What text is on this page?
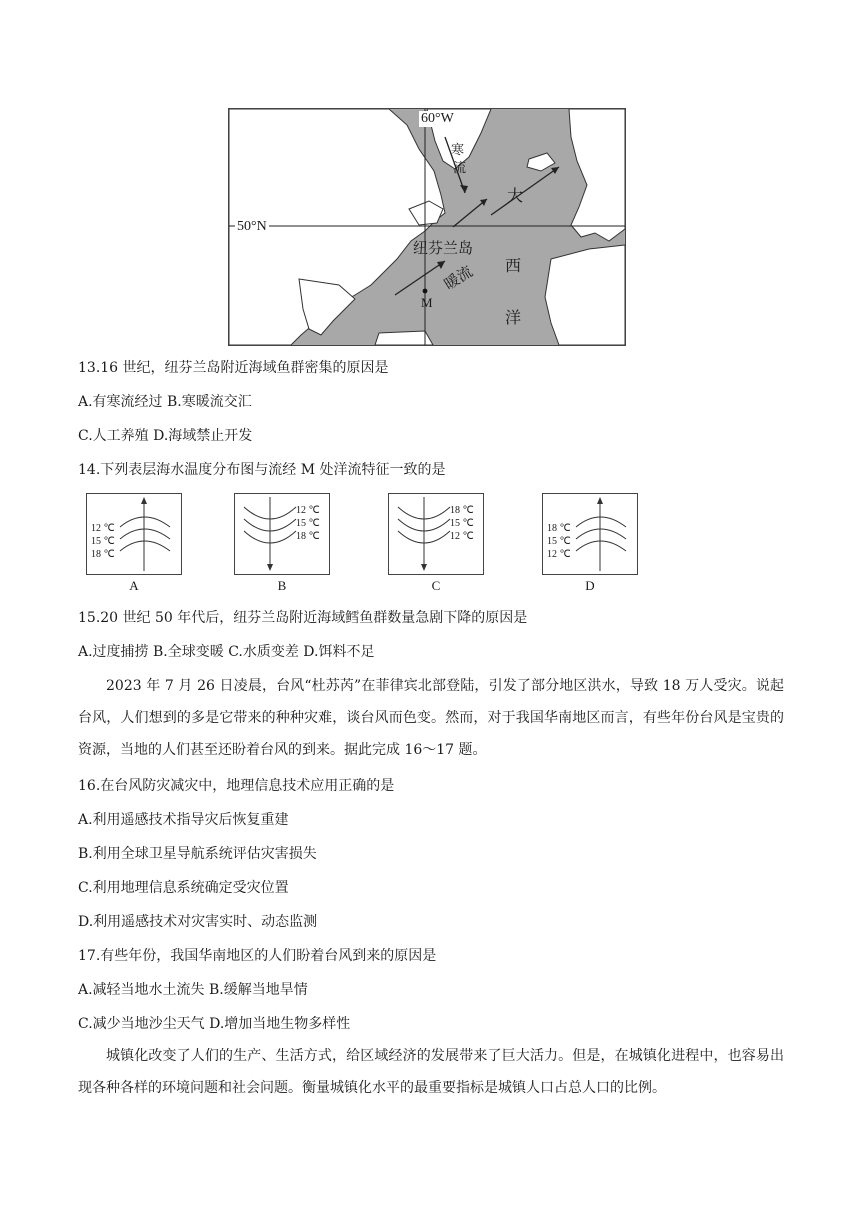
60°W
50°N
寒
流
纽芬兰岛
暖流
大
西
洋
M
13.16 世纪，纽芬兰岛附近海域鱼群密集的原因是
A.有寒流经过 B.寒暖流交汇
C.人工养殖 D.海域禁止开发
14.下列表层海水温度分布图与流经 M 处洋流特征一致的是
12 ℃
15 ℃
18 ℃
A
12 ℃
15 ℃
18 ℃
B
18 ℃
15 ℃
12 ℃
C
18 ℃
15 ℃
12 ℃
D
15.20 世纪 50 年代后，纽芬兰岛附近海域鳕鱼群数量急剧下降的原因是
A.过度捕捞 B.全球变暖 C.水质变差 D.饵料不足
2023 年 7 月 26 日凌晨，台风“杜苏芮”在菲律宾北部登陆，引发了部分地区洪水，导致 18 万人受灾。说起台风，人们想到的多是它带来的种种灾难，谈台风而色变。然而，对于我国华南地区而言，有些年份台风是宝贵的资源，当地的人们甚至还盼着台风的到来。据此完成 16～17 题。
16.在台风防灾减灾中，地理信息技术应用正确的是
A.利用遥感技术指导灾后恢复重建
B.利用全球卫星导航系统评估灾害损失
C.利用地理信息系统确定受灾位置
D.利用遥感技术对灾害实时、动态监测
17.有些年份，我国华南地区的人们盼着台风到来的原因是
A.减轻当地水土流失 B.缓解当地旱情
C.减少当地沙尘天气 D.增加当地生物多样性
城镇化改变了人们的生产、生活方式，给区域经济的发展带来了巨大活力。但是，在城镇化进程中，也容易出现各种各样的环境问题和社会问题。衡量城镇化水平的最重要指标是城镇人口占总人口的比例。
